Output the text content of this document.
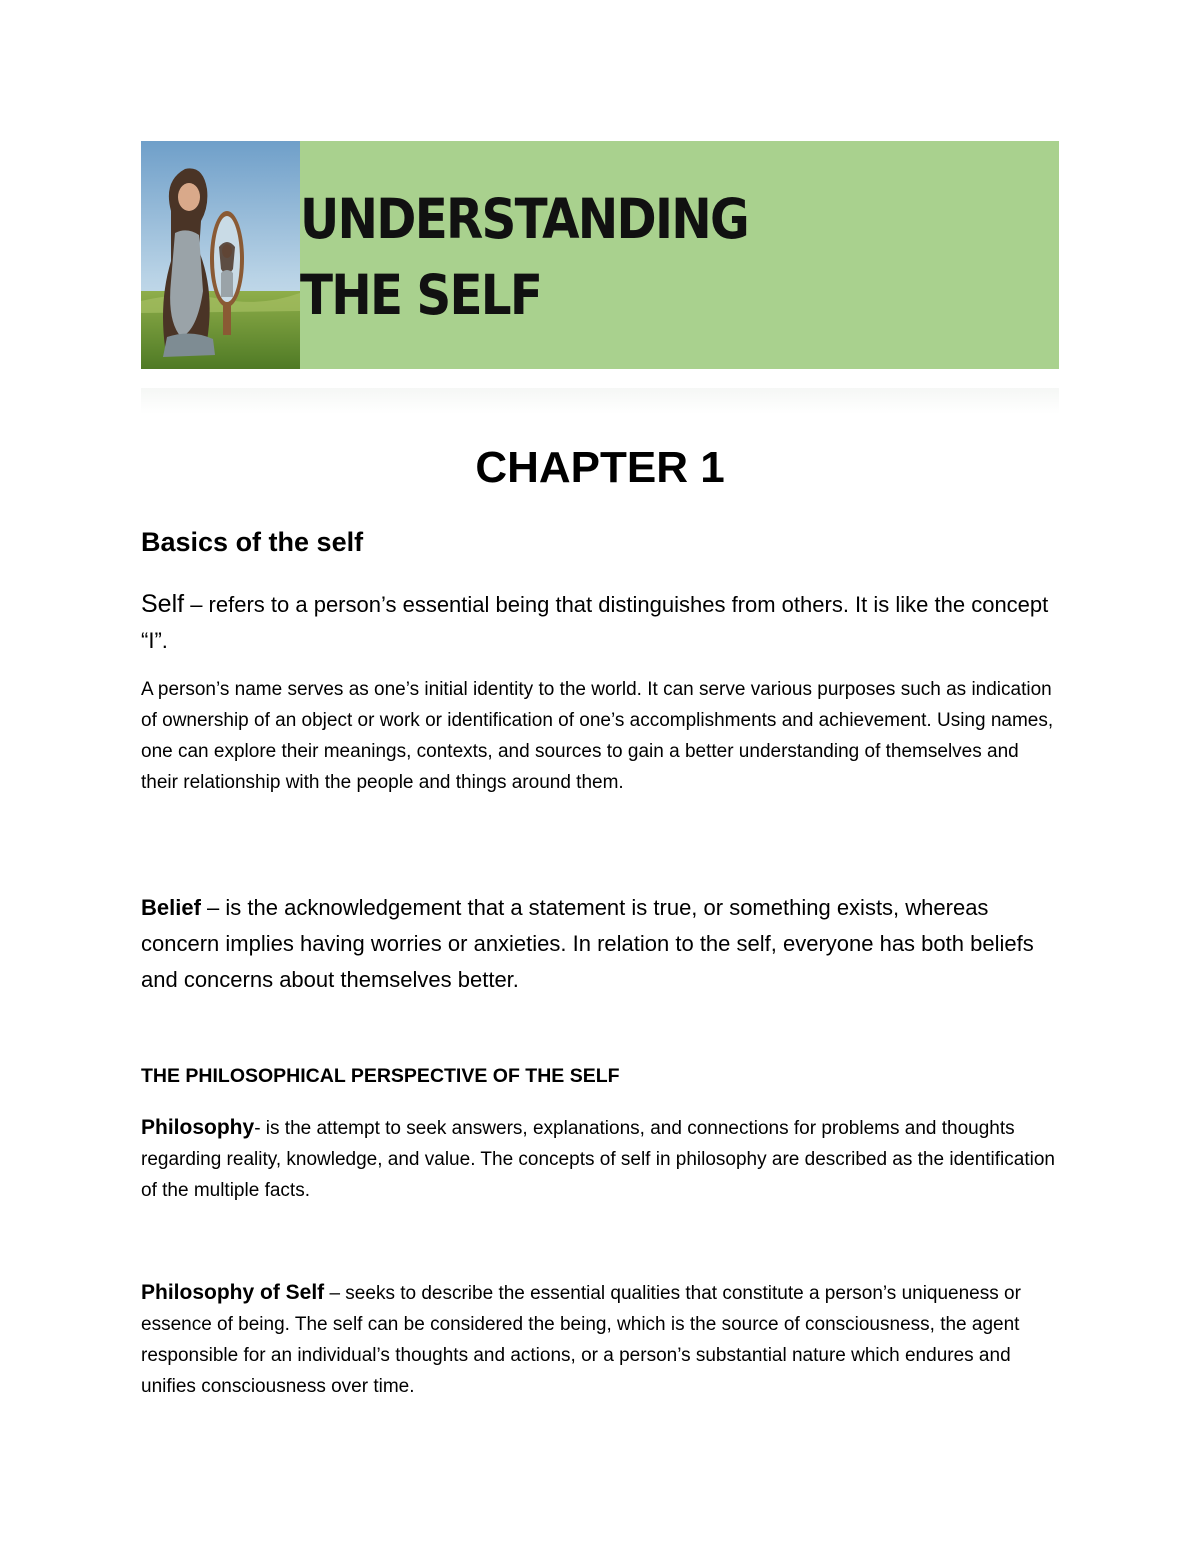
UNDERSTANDING
THE SELF
CHAPTER 1
Basics of the self

Self – refers to a person’s essential being that distinguishes from others. It is like the concept “I”.

A person’s name serves as one’s initial identity to the world. It can serve various purposes such as indication of ownership of an object or work or identification of one’s accomplishments and achievement. Using names, one can explore their meanings, contexts, and sources to gain a better understanding of themselves and their relationship with the people and things around them.

Belief – is the acknowledgement that a statement is true, or something exists, whereas concern implies having worries or anxieties. In relation to the self, everyone has both beliefs and concerns about themselves better.

THE PHILOSOPHICAL PERSPECTIVE OF THE SELF

Philosophy- is the attempt to seek answers, explanations, and connections for problems and thoughts regarding reality, knowledge, and value. The concepts of self in philosophy are described as the identification of the multiple facts.

Philosophy of Self – seeks to describe the essential qualities that constitute a person’s uniqueness or essence of being. The self can be considered the being, which is the source of consciousness, the agent responsible for an individual’s thoughts and actions, or a person’s substantial nature which endures and unifies consciousness over time.
